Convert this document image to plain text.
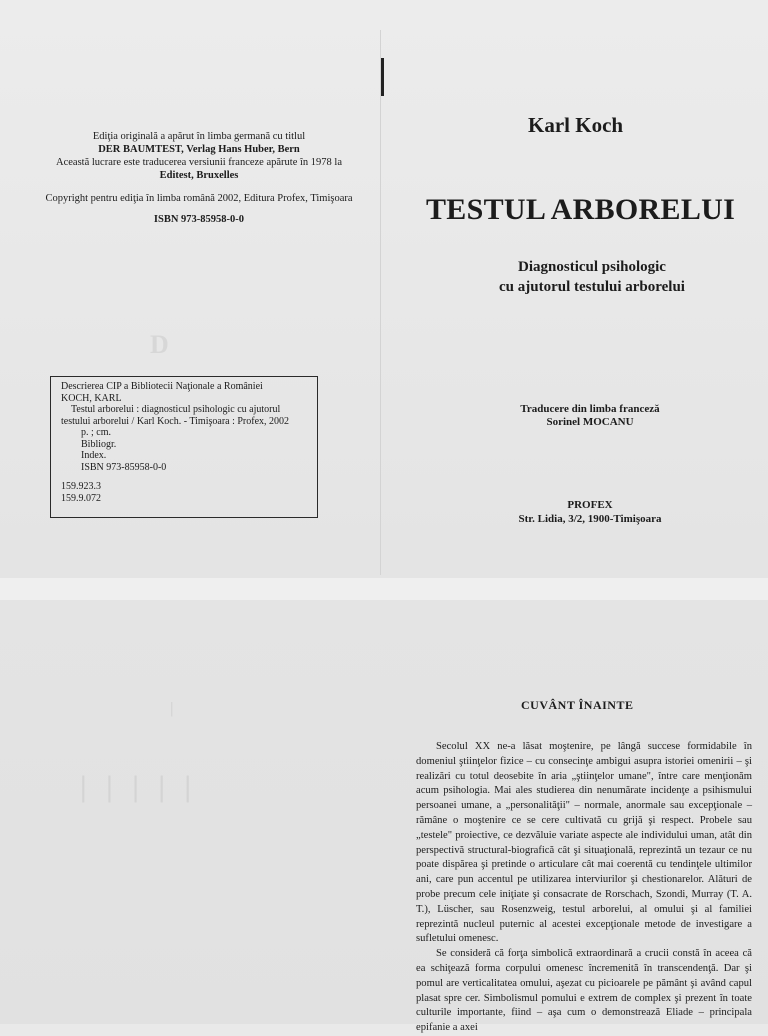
D
Ediţia originală a apărut în limba germană cu titlul
DER BAUMTEST, Verlag Hans Huber, Bern
Această lucrare este traducerea versiunii franceze apărute în 1978 la
Editest, Bruxelles
Copyright pentru ediţia în limba română 2002, Editura Profex, Timişoara
ISBN 973-85958-0-0
Descrierea CIP a Bibliotecii Naţionale a României
KOCH, KARL
Testul arborelui : diagnosticul psihologic cu ajutorul
testului arborelui / Karl Koch. - Timişoara : Profex, 2002
p. ; cm.
Bibliogr.
Index.
ISBN 973-85958-0-0
159.923.3
159.9.072
Karl Koch
TESTUL ARBORELUI
Diagnosticul psihologic
cu ajutorul testului arborelui
Traducere din limba franceză
Sorinel MOCANU
PROFEX
Str. Lidia, 3/2, 1900-Timişoara
| | | | |
|	CUVÂNT ÎNAINTE

Secolul XX ne-a lăsat moştenire, pe lângă succese formidabile în domeniul ştiinţelor fizice – cu consecinţe ambigui asupra istoriei omenirii – şi realizări cu totul deosebite în aria „ştiinţelor umane", între care menţionăm acum psihologia. Mai ales studierea din nenumărate incidenţe a psihismului persoanei umane, a „personalităţii" – normale, anormale sau excepţionale – rămâne o moştenire ce se cere cultivată cu grijă şi respect. Probele sau „testele" proiective, ce dezvăluie variate aspecte ale individului uman, atât din perspectivă structural-biografică cât şi situaţională, reprezintă un tezaur ce nu poate dispărea şi pretinde o articulare cât mai coerentă cu tendinţele ultimilor ani, care pun accentul pe utilizarea interviurilor şi chestionarelor. Alături de probe precum cele iniţiate şi consacrate de Rorschach, Szondi, Murray (T. A. T.), Lüscher, sau Rosenzweig, testul arborelui, al omului şi al familiei reprezintă nucleul puternic al acestei excepţionale metode de investigare a sufletului omenesc.

Se consideră că forţa simbolică extraordinară a crucii constă în aceea că ea schiţează forma corpului omenesc încremenită în transcendenţă. Dar şi pomul are verticalitatea omului, aşezat cu picioarele pe pământ şi având capul plasat spre cer. Simbolismul pomului e extrem de complex şi prezent în toate culturile importante, fiind – aşa cum o demonstrează Eliade – principala epifanie a axei
